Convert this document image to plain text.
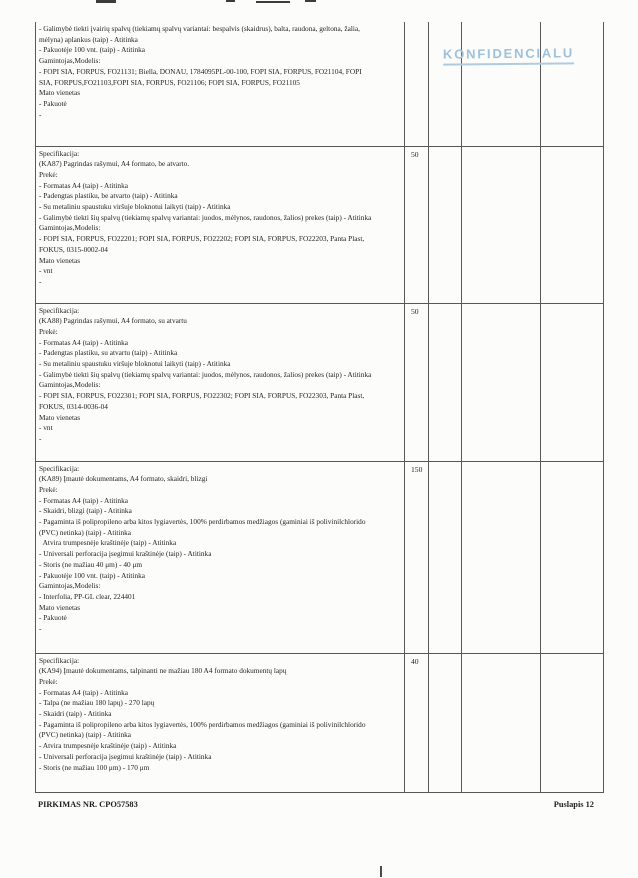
KONFIDENCIALU
- Galimybė tiekti įvairių spalvų (tiekiamų spalvų variantai: bespalvis (skaidrus), balta, raudona, geltona, žalia,
mėlyna) aplankus (taip) - Atitinka
- Pakuotėje 100 vnt. (taip) - Atitinka
Gamintojas,Modelis:
- FOPI SIA, FORPUS, FO21131; Biella, DONAU, 1784095PL-00-100, FOPI SIA, FORPUS, FO21104, FOPI
SIA, FORPUS,FO21103,FOPI SIA, FORPUS, FO21106; FOPI SIA, FORPUS, FO21105
Mato vienetas
- Pakuotė
-

Specifikacija:
(KA87) Pagrindas rašymui, A4 formato, be atvarto.
Prekė:
- Formatas A4 (taip) - Atitinka
- Padengtas plastiku, be atvarto (taip) - Atitinka
- Su metaliniu spaustuku viršuje bloknotui laikyti (taip) - Atitinka
- Galimybė tiekti šių spalvų (tiekiamų spalvų variantai: juodos, mėlynos, raudonos, žalios) prekes (taip) - Atitinka
Gamintojas,Modelis:
- FOPI SIA, FORPUS, FO22201; FOPI SIA, FORPUS, FO22202; FOPI SIA, FORPUS, FO22203, Panta Plast,
FOKUS, 0315-0002-04
Mato vienetas
- vnt
-
	50			

Specifikacija:
(KA88) Pagrindas rašymui, A4 formato, su atvartu
Prekė:
- Formatas A4 (taip) - Atitinka
- Padengtas plastiku, su atvartu (taip) - Atitinka
- Su metaliniu spaustuku viršuje bloknotui laikyti (taip) - Atitinka
- Galimybė tiekti šių spalvų (tiekiamų spalvų variantai: juodos, mėlynos, raudonos, žalios) prekes (taip) - Atitinka
Gamintojas,Modelis:
- FOPI SIA, FORPUS, FO22301; FOPI SIA, FORPUS, FO22302; FOPI SIA, FORPUS, FO22303, Panta Plast,
FOKUS, 0314-0036-04
Mato vienetas
- vnt
-
	50			

Specifikacija:
(KA89) Įmautė dokumentams, A4 formato, skaidri, blizgi
Prekė:
- Formatas A4 (taip) - Atitinka
- Skaidri, blizgi (taip) - Atitinka
- Pagaminta iš polipropileno arba kitos lygiavertės, 100% perdirbamos medžiagos (gaminiai iš polivinilchlorido
(PVC) netinka) (taip) - Atitinka
Atvira trumpesnėje kraštinėje (taip) - Atitinka
- Universali perforacija įsegimui kraštinėje (taip) - Atitinka
- Storis (ne mažiau 40 μm) - 40 μm
- Pakuotėje 100 vnt. (taip) - Atitinka
Gamintojas,Modelis:
- Interfolia, PP-GL clear, 224401
Mato vienetas
- Pakuotė
-
	150			

Specifikacija:
(KA94) Įmautė dokumentams, talpinanti ne mažiau 180 A4 formato dokumentų lapų
Prekė:
- Formatas A4 (taip) - Atitinka
- Talpa (ne mažiau 180 lapų) - 270 lapų
- Skaidri (taip) - Atitinka
- Pagaminta iš polipropileno arba kitos lygiavertės, 100% perdirbamos medžiagos (gaminiai iš polivinilchlorido
(PVC) netinka) (taip) - Atitinka
- Atvira trumpesnėje kraštinėje (taip) - Atitinka
- Universali perforacija įsegimui kraštinėje (taip) - Atitinka
- Storis (ne mažiau 100 μm) - 170 μm
	40			
PIRKIMAS NR. CPO57583	Puslapis 12
